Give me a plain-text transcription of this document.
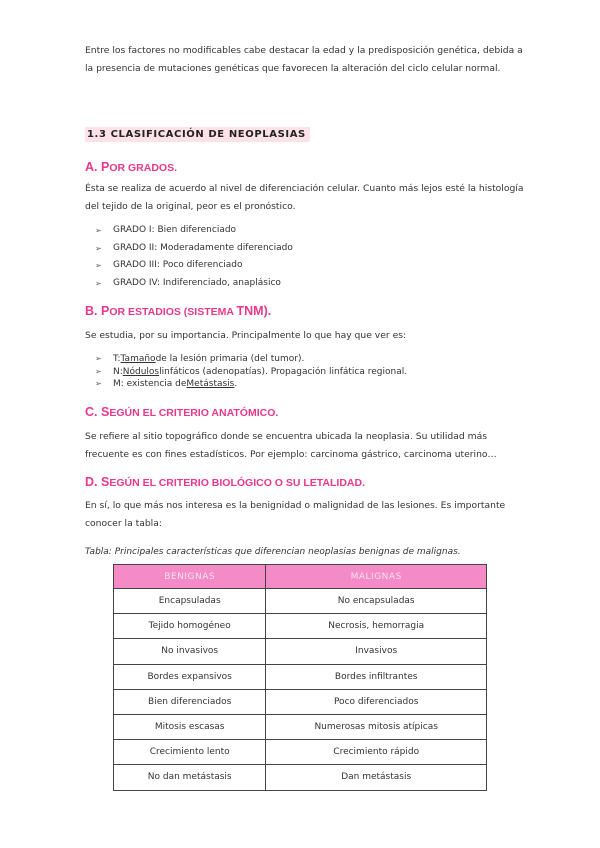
Entre los factores no modificables cabe destacar la edad y la predisposición genética, debida a la presencia de mutaciones genéticas que favorecen la alteración del ciclo celular normal.

1.3 CLASIFICACIÓN DE NEOPLASIAS
A. POR GRADOS.

Ésta se realiza de acuerdo al nivel de diferenciación celular. Cuanto más lejos esté la histología del tejido de la original, peor es el pronóstico.

➢	GRADO I: Bien diferenciado
➢	GRADO II: Moderadamente diferenciado
➢	GRADO III: Poco diferenciado
➢	GRADO IV: Indiferenciado, anaplásico
B. POR ESTADIOS (SISTEMA TNM).

Se estudia, por su importancia. Principalmente lo que hay que ver es:

➢	T: Tamaño de la lesión primaria (del tumor).
➢	N: Nódulos linfáticos (adenopatías). Propagación linfática regional.
➢	M: existencia de Metástasis .
C. SEGÚN EL CRITERIO ANATÓMICO.

Se refiere al sitio topográfico donde se encuentra ubicada la neoplasia. Su utilidad más frecuente es con fines estadísticos. Por ejemplo: carcinoma gástrico, carcinoma uterino…

D. SEGÚN EL CRITERIO BIOLÓGICO O SU LETALIDAD.

En sí, lo que más nos interesa es la benignidad o malignidad de las lesiones. Es importante conocer la tabla:

Tabla: Principales características que diferencian neoplasias benignas de malignas.
BENIGNAS	MALIGNAS
Encapsuladas	No encapsuladas
Tejido homogéneo	Necrosis, hemorragia
No invasivos	Invasivos
Bordes expansivos	Bordes infiltrantes
Bien diferenciados	Poco diferenciados
Mitosis escasas	Numerosas mitosis atípicas
Crecimiento lento	Crecimiento rápido
No dan metástasis	Dan metástasis
